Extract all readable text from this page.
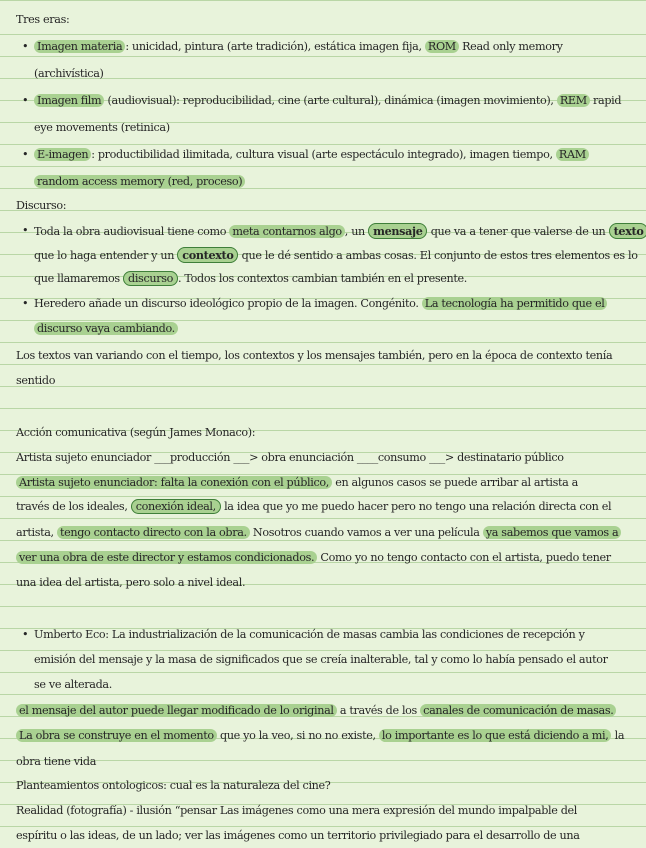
Tres eras:
• Imagen materia : unicidad, pintura (arte tradición), estática imagen fija, ROM Read only memory
(archivística)
• Imagen film (audiovisual): reproducibilidad, cine (arte cultural), dinámica (imagen movimiento), REM rapid
eye movements (retinica)
• E-imagen : productibilidad ilimitada, cultura visual (arte espectáculo integrado), imagen tiempo, RAM
random access memory (red, proceso)
Discurso:
• Toda la obra audiovisual tiene como meta contarnos algo , un mensaje que va a tener que valerse de un texto
que lo haga entender y un contexto que le dé sentido a ambas cosas. El conjunto de estos tres elementos es lo
que llamaremos discurso . Todos los contextos cambian también en el presente.
• Heredero añade un discurso ideológico propio de la imagen. Congénito. La tecnología ha permitido que el
discurso vaya cambiando.
Los textos van variando con el tiempo, los contextos y los mensajes también, pero en la época de contexto tenía
sentido
Acción comunicativa (según James Monaco):
Artista sujeto enunciador ___producción ___> obra enunciación ____consumo ___> destinatario público
Artista sujeto enunciador: falta la conexión con el público, en algunos casos se puede arribar al artista a
través de los ideales, conexión ideal, la idea que yo me puedo hacer pero no tengo una relación directa con el
artista, tengo contacto directo con la obra. Nosotros cuando vamos a ver una película ya sabemos que vamos a
ver una obra de este director y estamos condicionados. Como yo no tengo contacto con el artista, puedo tener
una idea del artista, pero solo a nivel ideal.
• Umberto Eco: La industrialización de la comunicación de masas cambia las condiciones de recepción y
emisión del mensaje y la masa de significados que se creía inalterable, tal y como lo había pensado el autor
se ve alterada.
el mensaje del autor puede llegar modificado de lo original a través de los canales de comunicación de masas.
La obra se construye en el momento que yo la veo, si no no existe, lo importante es lo que está diciendo a mi, la
obra tiene vida
Planteamientos ontologicos: cual es la naturaleza del cine?
Realidad (fotografía) - ilusión “pensar Las imágenes como una mera expresión del mundo impalpable del
espíritu o las ideas, de un lado; ver las imágenes como un territorio privilegiado para el desarrollo de una
